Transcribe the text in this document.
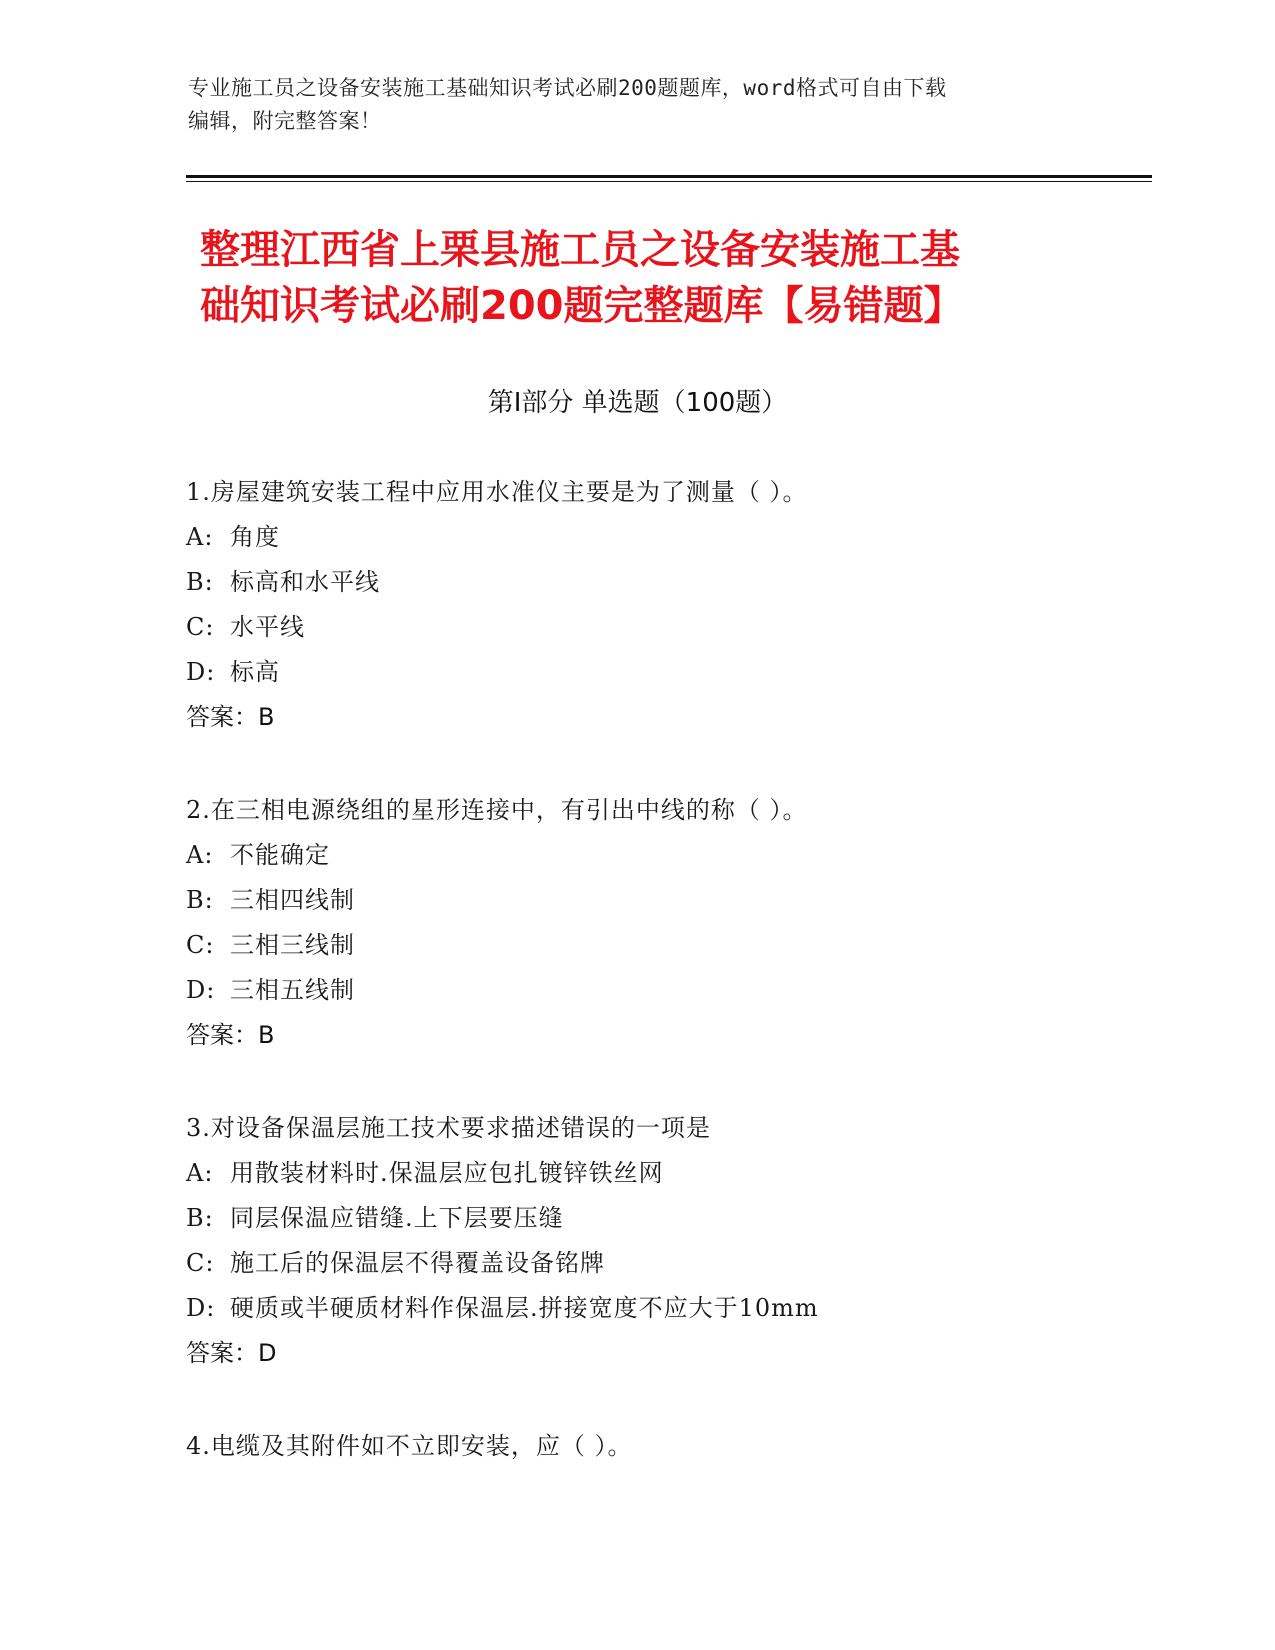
专业施工员之设备安装施工基础知识考试必刷200题题库，word格式可自由下载
编辑，附完整答案！
整理江西省上栗县施工员之设备安装施工基
础知识考试必刷200题完整题库【易错题】
第Ⅰ部分 单选题（100题）
1.房屋建筑安装工程中应用水准仪主要是为了测量（ ）。
A: 角度
B: 标高和水平线
C: 水平线
D: 标高
答案：B
2.在三相电源绕组的星形连接中，有引出中线的称（ ）。
A: 不能确定
B: 三相四线制
C: 三相三线制
D: 三相五线制
答案：B
3.对设备保温层施工技术要求描述错误的一项是
A: 用散装材料时.保温层应包扎镀锌铁丝网
B: 同层保温应错缝.上下层要压缝
C: 施工后的保温层不得覆盖设备铭牌
D: 硬质或半硬质材料作保温层.拼接宽度不应大于10mm
答案：D
4.电缆及其附件如不立即安装，应（ ）。
